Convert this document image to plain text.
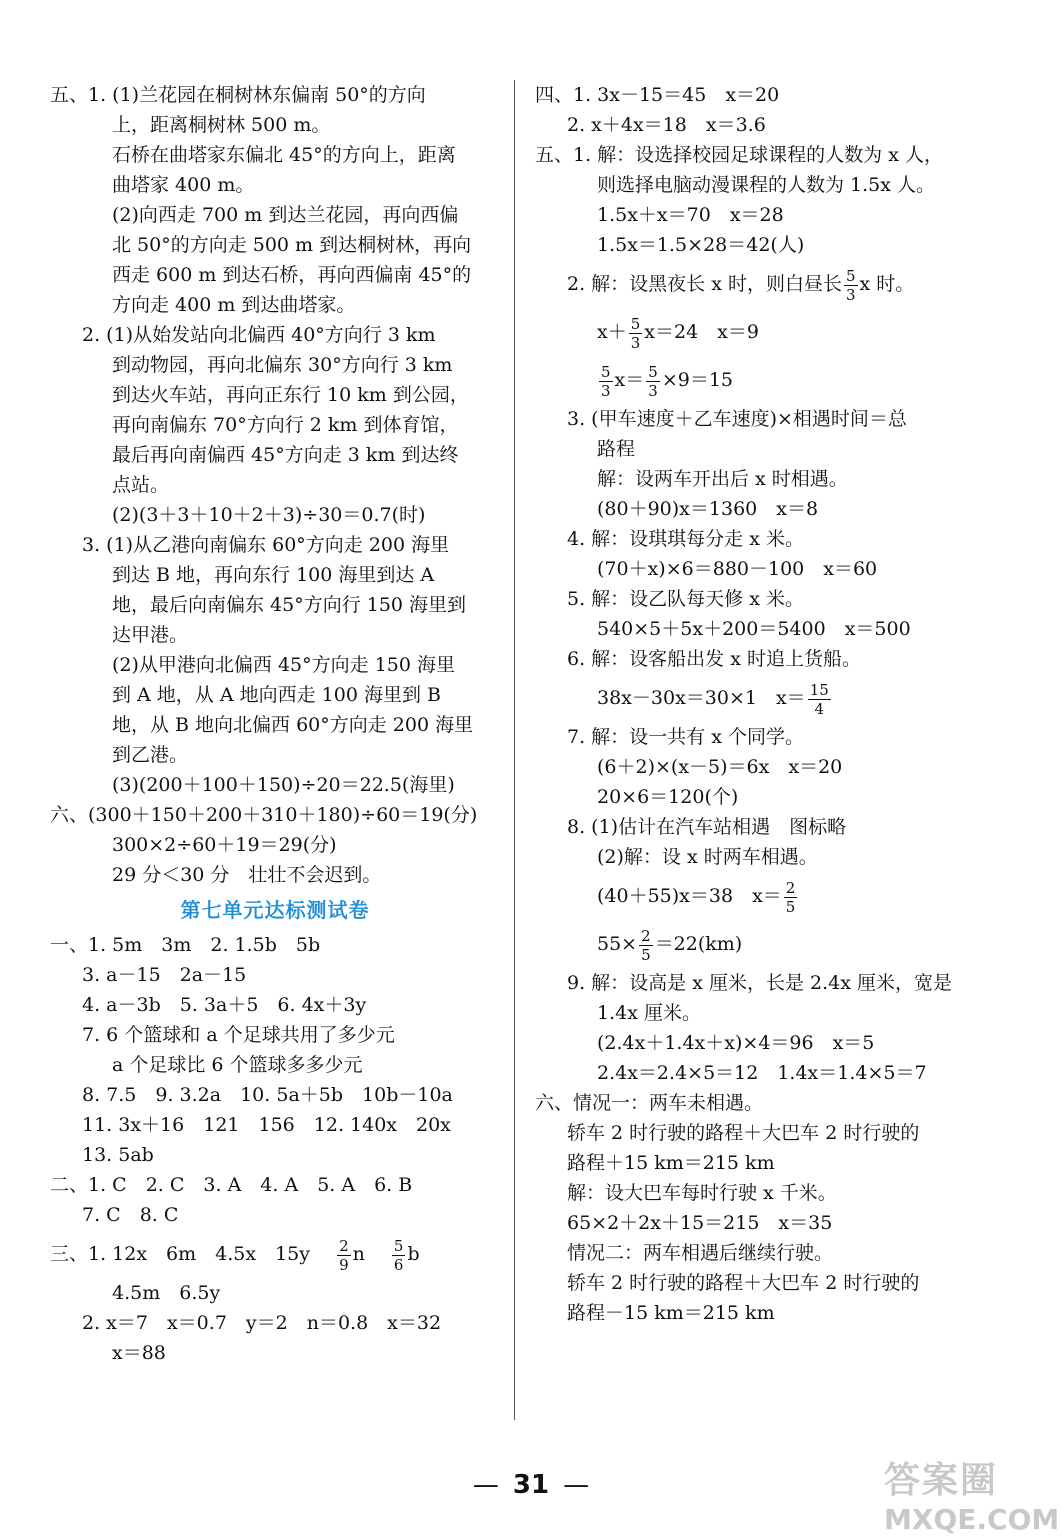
五、1. (1)兰花园在桐树林东偏南 50°的方向
上，距离桐树林 500 m。
石桥在曲塔家东偏北 45°的方向上，距离
曲塔家 400 m。
(2)向西走 700 m 到达兰花园，再向西偏
北 50°的方向走 500 m 到达桐树林，再向
西走 600 m 到达石桥，再向西偏南 45°的
方向走 400 m 到达曲塔家。
2. (1)从始发站向北偏西 40°方向行 3 km
到动物园，再向北偏东 30°方向行 3 km
到达火车站，再向正东行 10 km 到公园，
再向南偏东 70°方向行 2 km 到体育馆，
最后再向南偏西 45°方向走 3 km 到达终
点站。
(2)(3＋3＋10＋2＋3)÷30＝0.7(时)
3. (1)从乙港向南偏东 60°方向走 200 海里
到达 B 地，再向东行 100 海里到达 A
地，最后向南偏东 45°方向行 150 海里到
达甲港。
(2)从甲港向北偏西 45°方向走 150 海里
到 A 地，从 A 地向西走 100 海里到 B
地，从 B 地向北偏西 60°方向走 200 海里
到乙港。
(3)(200＋100＋150)÷20＝22.5(海里)
六、(300＋150＋200＋310＋180)÷60＝19(分)
300×2÷60＋19＝29(分)
29 分＜30 分　壮壮不会迟到。
第七单元达标测试卷
一、1. 5m　3m　2. 1.5b　5b
3. a－15　2a－15
4. a－3b　5. 3a＋5　6. 4x＋3y
7. 6 个篮球和 a 个足球共用了多少元
a 个足球比 6 个篮球多多少元
8. 7.5　9. 3.2a　10. 5a＋5b　10b－10a
11. 3x＋16　121　156　12. 140x　20x
13. 5ab
二、1. C　2. C　3. A　4. A　5. A　6. B
7. C　8. C
三、1. 12x　6m　4.5x　15y　 $\frac{2}{9}$ n　 $\frac{5}{6}$ b
4.5m　6.5y
2. x＝7　x＝0.7　y＝2　n＝0.8　x＝32
x＝88
四、1. 3x－15＝45　x＝20
2. x＋4x＝18　x＝3.6
五、1. 解：设选择校园足球课程的人数为 x 人，
则选择电脑动漫课程的人数为 1.5x 人。
1.5x＋x＝70　x＝28
1.5x＝1.5×28＝42(人)
2. 解：设黑夜长 x 时，则白昼长 $\frac{5}{3}$ x 时。
$x+ \frac{5}{3} x=24$　x＝9
$\frac{5}{3} x= \frac{5}{3} \times 9=15$
3. (甲车速度＋乙车速度)×相遇时间＝总
路程
解：设两车开出后 x 时相遇。
(80＋90)x＝1360　x＝8
4. 解：设琪琪每分走 x 米。
(70＋x)×6＝880－100　x＝60
5. 解：设乙队每天修 x 米。
540×5＋5x＋200＝5400　x＝500
6. 解：设客船出发 x 时追上货船。
38x－30x＝30×1　$x= \frac{15}{4}$
7. 解：设一共有 x 个同学。
(6＋2)×(x－5)＝6x　x＝20
20×6＝120(个)
8. (1)估计在汽车站相遇　图标略
(2)解：设 x 时两车相遇。
(40＋55)x＝38　$x= \frac{2}{5}$
$55\times \frac{2}{5} =22(km)$
9. 解：设高是 x 厘米，长是 2.4x 厘米，宽是
1.4x 厘米。
(2.4x＋1.4x＋x)×4＝96　x＝5
2.4x＝2.4×5＝12　1.4x＝1.4×5＝7
六、情况一：两车未相遇。
轿车 2 时行驶的路程＋大巴车 2 时行驶的
路程＋15 km＝215 km
解：设大巴车每时行驶 x 千米。
65×2＋2x＋15＝215　x＝35
情况二：两车相遇后继续行驶。
轿车 2 时行驶的路程＋大巴车 2 时行驶的
路程－15 km＝215 km
— 31 —	答案圈
MXQE.COM
